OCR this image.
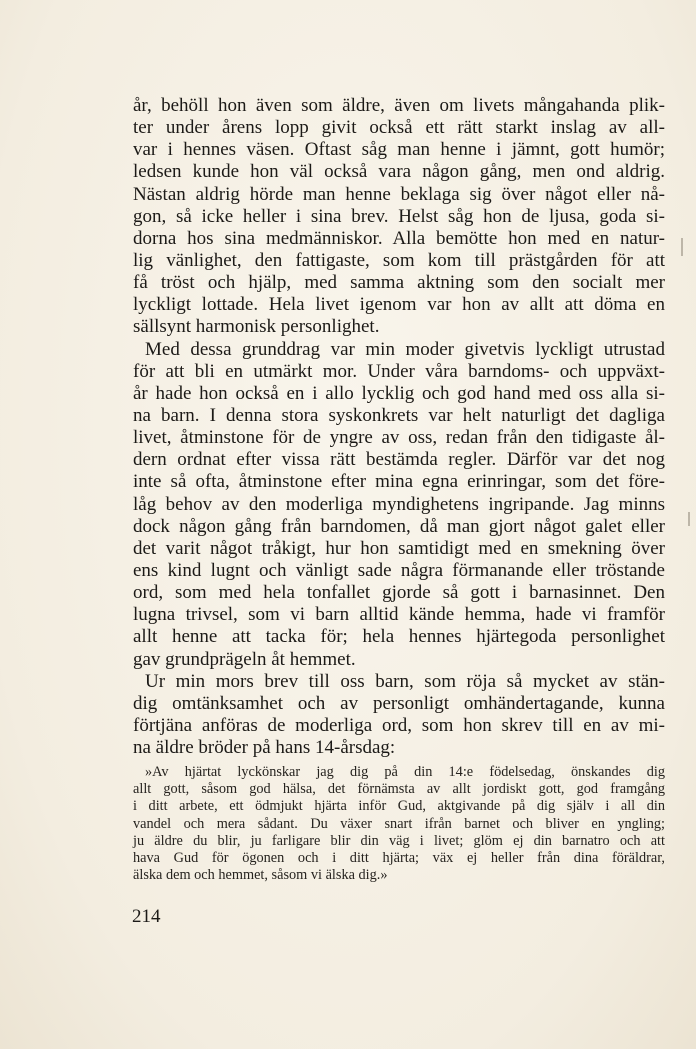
år, behöll hon även som äldre, även om livets mångahanda plik-
ter under årens lopp givit också ett rätt starkt inslag av all-
var i hennes väsen. Oftast såg man henne i jämnt, gott humör;
ledsen kunde hon väl också vara någon gång, men ond aldrig.
Nästan aldrig hörde man henne beklaga sig över något eller nå-
gon, så icke heller i sina brev. Helst såg hon de ljusa, goda si-
dorna hos sina medmänniskor. Alla bemötte hon med en natur-
lig vänlighet, den fattigaste, som kom till prästgården för att
få tröst och hjälp, med samma aktning som den socialt mer
lyckligt lottade. Hela livet igenom var hon av allt att döma en
sällsynt harmonisk personlighet.
Med dessa grunddrag var min moder givetvis lyckligt utrustad
för att bli en utmärkt mor. Under våra barndoms- och uppväxt-
år hade hon också en i allo lycklig och god hand med oss alla si-
na barn. I denna stora syskonkrets var helt naturligt det dagliga
livet, åtminstone för de yngre av oss, redan från den tidigaste ål-
dern ordnat efter vissa rätt bestämda regler. Därför var det nog
inte så ofta, åtminstone efter mina egna erinringar, som det före-
låg behov av den moderliga myndighetens ingripande. Jag minns
dock någon gång från barndomen, då man gjort något galet eller
det varit något tråkigt, hur hon samtidigt med en smekning över
ens kind lugnt och vänligt sade några förmanande eller tröstande
ord, som med hela tonfallet gjorde så gott i barnasinnet. Den
lugna trivsel, som vi barn alltid kände hemma, hade vi framför
allt henne att tacka för; hela hennes hjärtegoda personlighet
gav grundprägeln åt hemmet.
Ur min mors brev till oss barn, som röja så mycket av stän-
dig omtänksamhet och av personligt omhändertagande, kunna
förtjäna anföras de moderliga ord, som hon skrev till en av mi-
na äldre bröder på hans 14-årsdag:
»Av hjärtat lyckönskar jag dig på din 14:e födelsedag, önskandes dig
allt gott, såsom god hälsa, det förnämsta av allt jordiskt gott, god framgång
i ditt arbete, ett ödmjukt hjärta inför Gud, aktgivande på dig själv i all din
vandel och mera sådant. Du växer snart ifrån barnet och bliver en yngling;
ju äldre du blir, ju farligare blir din väg i livet; glöm ej din barnatro och att
hava Gud för ögonen och i ditt hjärta; väx ej heller från dina föräldrar,
älska dem och hemmet, såsom vi älska dig.»
214
